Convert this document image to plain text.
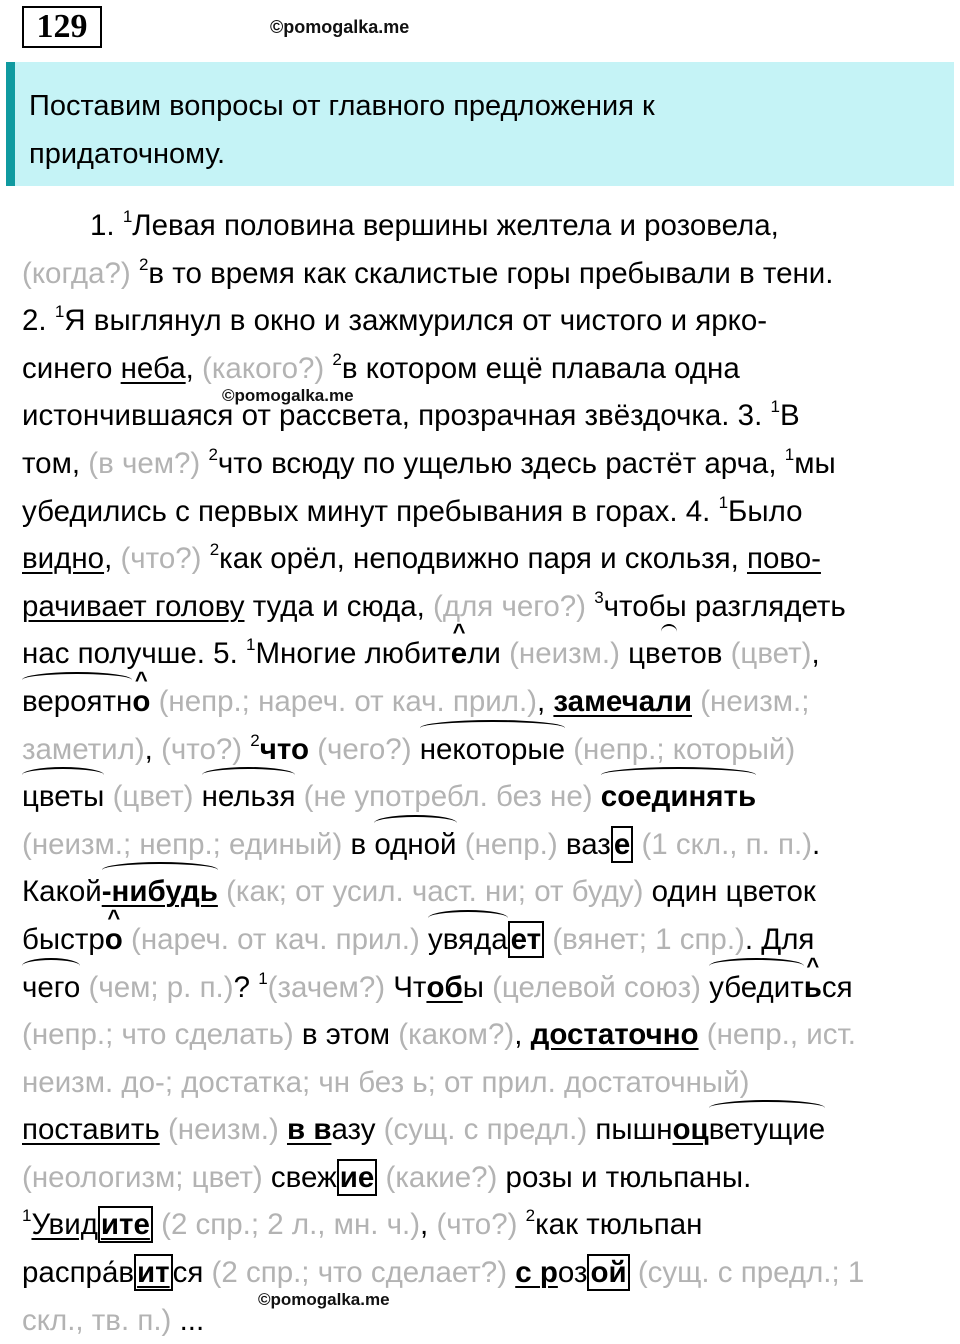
129	©pomogalka.me
Поставим вопросы от главного предложения к
придаточному.
1. $^1$Левая половина вершины желтела и розовела,
(когда?) $^2$в то время как скалистые горы пребывали в тени.
2. $^1$Я выглянул в окно и зажмурился от чистого и ярко-
синего неба, (какого?) $^2$в котором ещё плавала одна
истончившаяся от рассвета, прозрачная звёздочка. 3. $^1$В
том, (в чем?) $^2$что всюду по ущелью здесь растёт арча, $^1$мы
убедились с первых минут пребывания в горах. 4. $^1$Было
видно, (что?) $^2$как орёл, неподвижно паря и скользя, пово-
рачивает голову туда и сюда, (для чего?) $^3$чтобы разглядеть
нас получше. 5. $^1$Многие любит^ ели (неизм.) цветов (цвет),
вероятн^ о (непр.; нареч. от кач. прил.), замечали (неизм.;
заметил), (что?) $^2$что (чего?) некоторые (непр.; который)
цветы (цвет) нельзя (не употребл. без не) соединять
(неизм.; непр.; единый) в одной (непр.) ваз е (1 скл., п. п.).
Какой-нибудь (как; от усил. част. ни; от буду) один цветок
быстр^ о (нареч. от кач. прил.) увяда ет (вянет; 1 спр.). Для
чего (чем; р. п.)? $^1$(зачем?) Чтобы (целевой союз) убедит^ ься
(непр.; что сделать) в этом (каком?), достаточно (непр., ист.
неизм. до-; достатка; чн без ь; от прил. достаточный)
поставить (неизм.) в вазу (сущ. с предл.) пышноцветущие
(неологизм; цвет) свеж ие (какие?) розы и тюльпаны.
$^1$Увид ите (2 спр.; 2 л., мн. ч.), (что?) $^2$как тюльпан
распра́в ит ся (2 спр.; что сделает?) с роз ой (сущ. с предл.; 1
скл., тв. п.) ...
©pomogalka.me
©pomogalka.me
